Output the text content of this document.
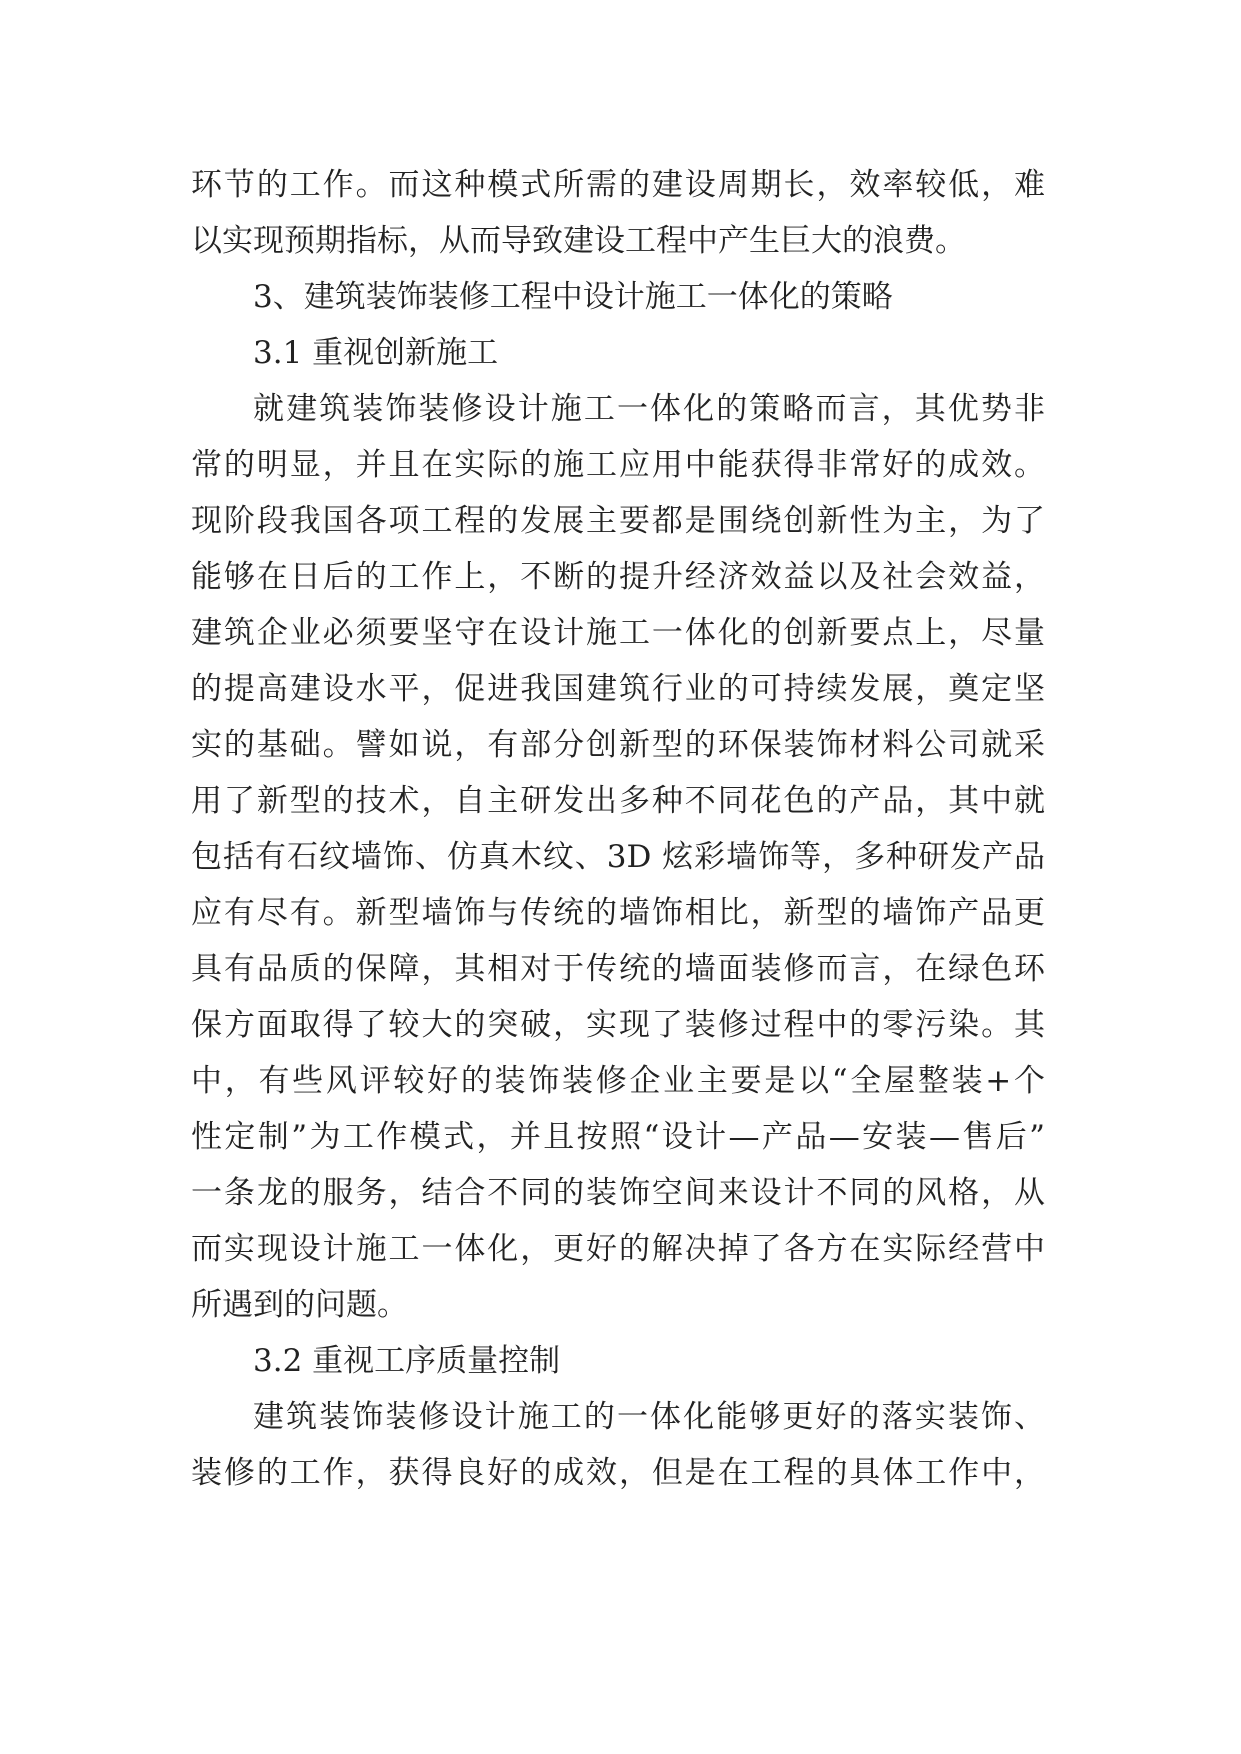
环节的工作。而这种模式所需的建设周期长，效率较低，难
以实现预期指标，从而导致建设工程中产生巨大的浪费。
3、建筑装饰装修工程中设计施工一体化的策略
3.1 重视创新施工
就建筑装饰装修设计施工一体化的策略而言，其优势非
常的明显，并且在实际的施工应用中能获得非常好的成效。
现阶段我国各项工程的发展主要都是围绕创新性为主，为了
能够在日后的工作上，不断的提升经济效益以及社会效益，
建筑企业必须要坚守在设计施工一体化的创新要点上，尽量
的提高建设水平，促进我国建筑行业的可持续发展，奠定坚
实的基础。譬如说，有部分创新型的环保装饰材料公司就采
用了新型的技术，自主研发出多种不同花色的产品，其中就
包括有石纹墙饰、仿真木纹、3D 炫彩墙饰等，多种研发产品
应有尽有。新型墙饰与传统的墙饰相比，新型的墙饰产品更
具有品质的保障，其相对于传统的墙面装修而言，在绿色环
保方面取得了较大的突破，实现了装修过程中的零污染。其
中，有些风评较好的装饰装修企业主要是以“全屋整装+个
性定制”为工作模式，并且按照“设计—产品—安装—售后”
一条龙的服务，结合不同的装饰空间来设计不同的风格，从
而实现设计施工一体化，更好的解决掉了各方在实际经营中
所遇到的问题。
3.2 重视工序质量控制
建筑装饰装修设计施工的一体化能够更好的落实装饰、
装修的工作，获得良好的成效，但是在工程的具体工作中，
